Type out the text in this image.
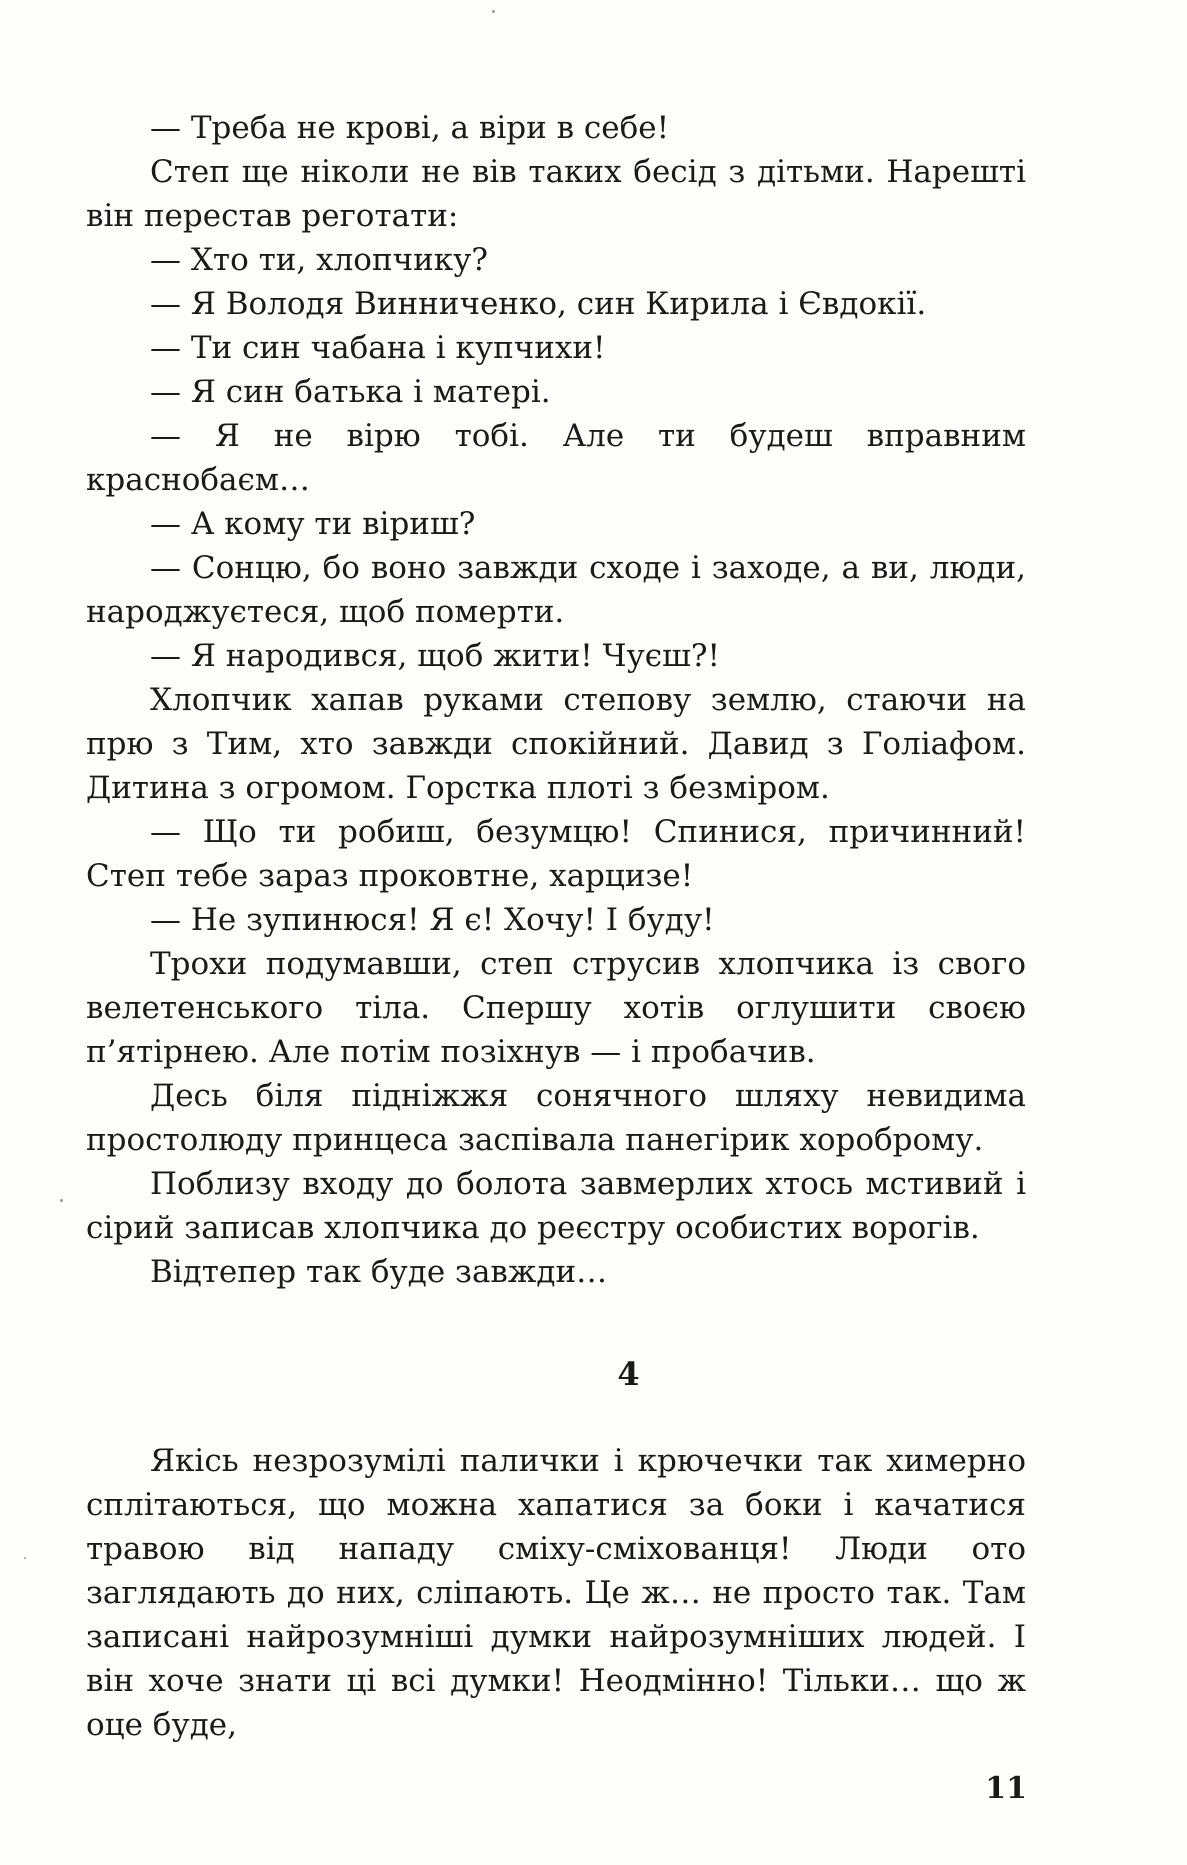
— Треба не крові, а віри в себе!

Степ ще ніколи не вів таких бесід з дітьми. Нарешті він перестав реготати:

— Хто ти, хлопчику?

— Я Володя Винниченко, син Кирила і Євдокії.

— Ти син чабана і купчихи!

— Я син батька і матері.

— Я не вірю тобі. Але ти будеш вправним краснобаєм…

— А кому ти віриш?

— Сонцю, бо воно завжди сходе і заходе, а ви, люди, народжуєтеся, щоб померти.

— Я народився, щоб жити! Чуєш?!

Хлопчик хапав руками степову землю, стаючи на прю з Тим, хто завжди спокійний. Давид з Голіафом. Дитина з огромом. Горстка плоті з безміром.

— Що ти робиш, безумцю! Спинися, причинний! Степ тебе зараз проковтне, харцизе!

— Не зупинюся! Я є! Хочу! І буду!

Трохи подумавши, степ струсив хлопчика із свого велетенського тіла. Спершу хотів оглушити своєю п’ятірнею. Але потім позіхнув — і пробачив.

Десь біля підніжжя сонячного шляху невидима простолюду принцеса заспівала панегірик хороброму.

Поблизу входу до болота завмерлих хтось мстивий і сірий записав хлопчика до реєстру особистих ворогів.

Відтепер так буде завжди…

4

Якісь незрозумілі палички і крючечки так химерно сплітаються, що можна хапатися за боки і качатися травою від нападу сміху-сміхованця! Люди ото заглядають до них, сліпають. Це ж… не просто так. Там записані найрозумніші думки найрозумніших людей. І він хоче знати ці всі думки! Неодмінно! Тільки… що ж оце буде,

11
